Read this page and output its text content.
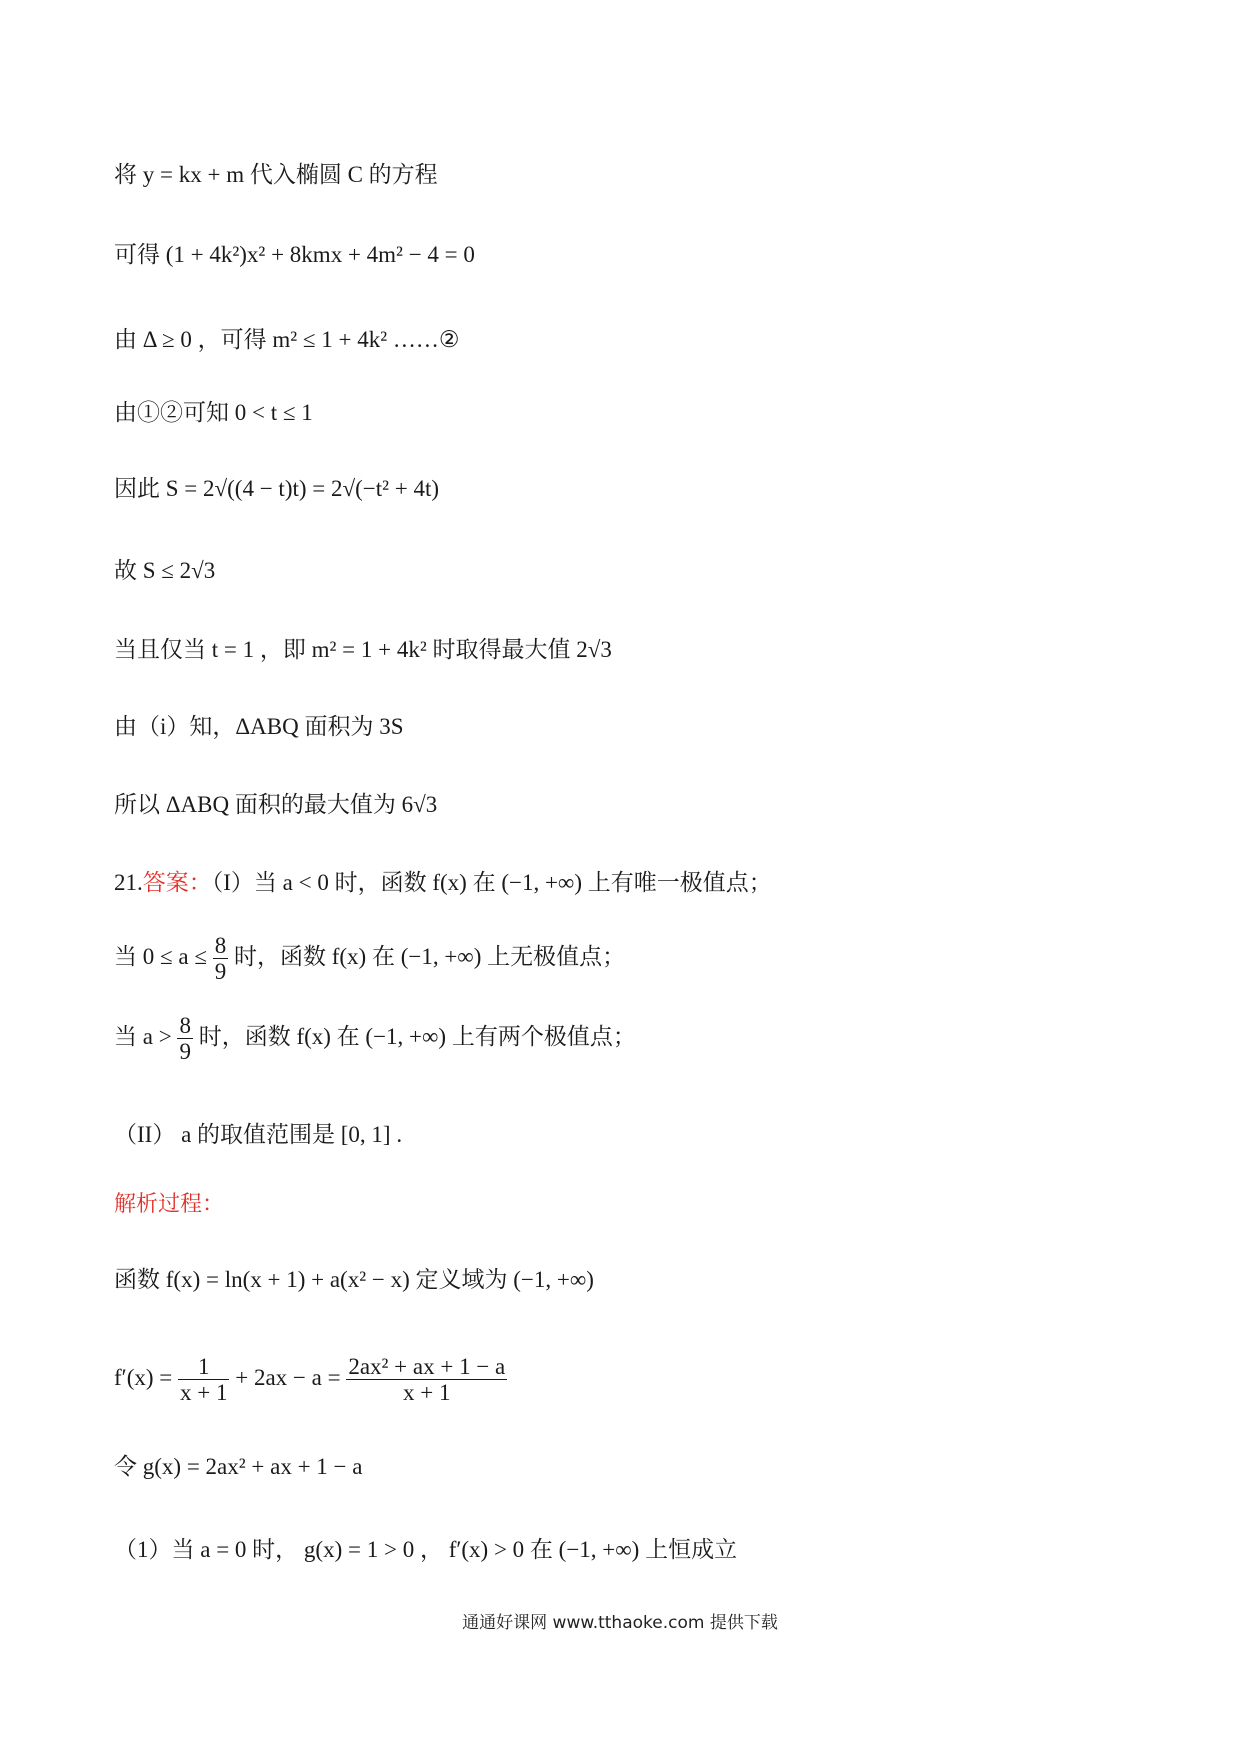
将 y = kx + m 代入椭圆 C 的方程
可得 (1 + 4k²)x² + 8kmx + 4m² − 4 = 0
由 Δ ≥ 0 ，可得 m² ≤ 1 + 4k² ……②
由①②可知 0 < t ≤ 1
因此 S = 2√((4 − t)t) = 2√(−t² + 4t)
故 S ≤ 2√3
当且仅当 t = 1 ，即 m² = 1 + 4k² 时取得最大值 2√3
由（i）知，ΔABQ 面积为 3S
所以 ΔABQ 面积的最大值为 6√3
21.答案：（I）当 a < 0 时，函数 f(x) 在 (−1, +∞) 上有唯一极值点；
当 $0 \le a \le \frac{8}{9}$ 时，函数 f(x) 在 (−1, +∞) 上无极值点；
当 $a > \frac{8}{9}$ 时，函数 f(x) 在 (−1, +∞) 上有两个极值点；
（II） a 的取值范围是 [0, 1] .
解析过程：
函数 f(x) = ln(x + 1) + a(x² − x) 定义域为 (−1, +∞)
$f'(x) = \frac{1}{x + 1} + 2ax - a = \frac{\text{2ax² + ax + 1 − a}}{x + 1}$
令 g(x) = 2ax² + ax + 1 − a
（1）当 a = 0 时， g(x) = 1 > 0 ， f′(x) > 0 在 (−1, +∞) 上恒成立
通通好课网 www.tthaoke.com 提供下载
